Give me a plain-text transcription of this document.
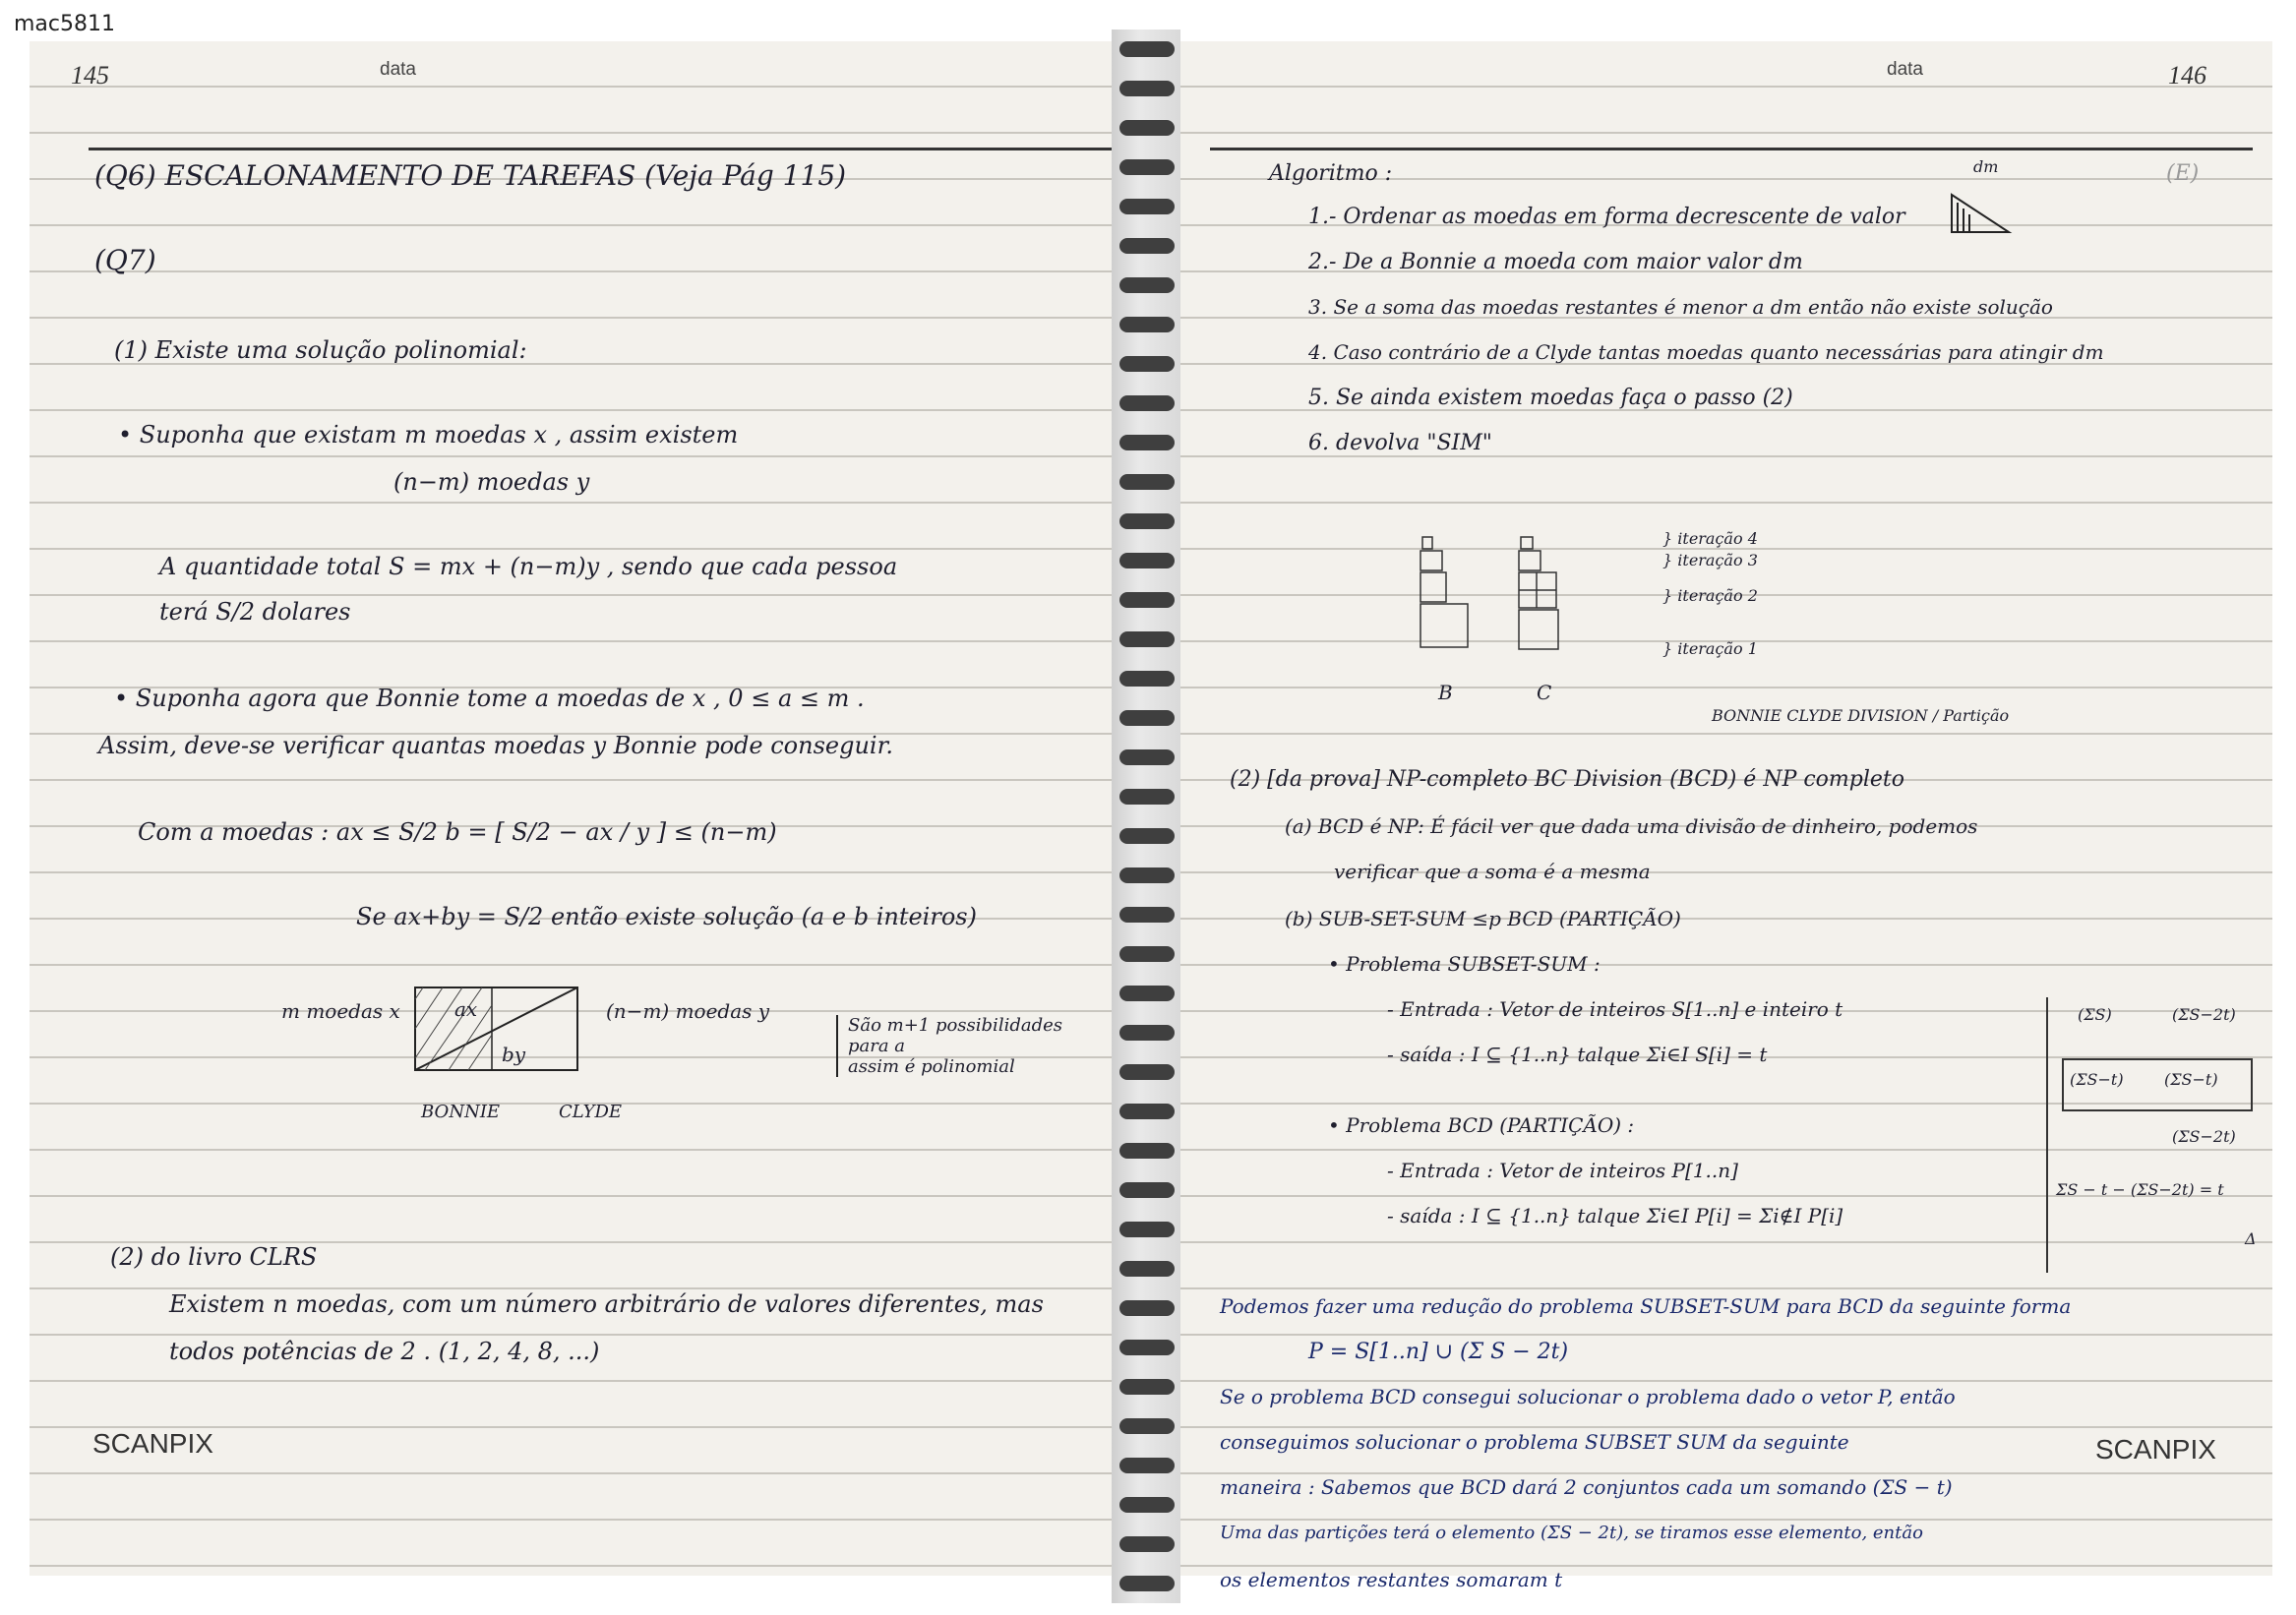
mac5811
145	data
(Q6) ESCALONAMENTO DE TAREFAS (Veja Pág 115)
(Q7)
(1) Existe uma solução polinomial:
• Suponha que existam m moedas x , assim existem
(n−m) moedas y
A quantidade total S = mx + (n−m)y , sendo que cada pessoa
terá S/2 dolares
• Suponha agora que Bonnie tome a moedas de x , 0 ≤ a ≤ m .
Assim, deve-se verificar quantas moedas y Bonnie pode conseguir.
Com a moedas : ax ≤ S/2 b = [ S/2 − ax / y ] ≤ (n−m)
Se ax+by = S/2 então existe solução (a e b inteiros)
m moedas x	(n−m) moedas y
ax
by
BONNIE	CLYDE
São m+1 possibilidades
para a
assim é polinomial
(2) do livro CLRS
Existem n moedas, com um número arbitrário de valores diferentes, mas
todos potências de 2 . (1, 2, 4, 8, ...)
SCANPIX
data	146
(E)
Algoritmo :
1.- Ordenar as moedas em forma decrescente de valor
2.- De a Bonnie a moeda com maior valor dm
3. Se a soma das moedas restantes é menor a dm então não existe solução
4. Caso contrário de a Clyde tantas moedas quanto necessárias para atingir dm
5. Se ainda existem moedas faça o passo (2)
6. devolva "SIM"
dm
} iteração 4
} iteração 3
} iteração 2
} iteração 1
B	C
BONNIE CLYDE DIVISION / Partição
(2) [da prova] NP-completo BC Division (BCD) é NP completo
(a) BCD é NP: É fácil ver que dada uma divisão de dinheiro, podemos
verificar que a soma é a mesma
(b) SUB-SET-SUM ≤p BCD (PARTIÇÃO)
• Problema SUBSET-SUM :
- Entrada : Vetor de inteiros S[1..n] e inteiro t
- saída : I ⊆ {1..n} talque Σi∈I S[i] = t
• Problema BCD (PARTIÇÃO) :
- Entrada : Vetor de inteiros P[1..n]
- saída : I ⊆ {1..n} talque Σi∈I P[i] = Σi∉I P[i]
(ΣS)	(ΣS−2t)
(ΣS−t)	(ΣS−t)
(ΣS−2t)
ΣS − t − (ΣS−2t) = t
Δ
Podemos fazer uma redução do problema SUBSET-SUM para BCD da seguinte forma
P = S[1..n] ∪ (Σ S − 2t)
Se o problema BCD consegui solucionar o problema dado o vetor P, então
conseguimos solucionar o problema SUBSET SUM da seguinte
maneira : Sabemos que BCD dará 2 conjuntos cada um somando (ΣS − t)
Uma das partições terá o elemento (ΣS − 2t), se tiramos esse elemento, então
os elementos restantes somaram t
SCANPIX
